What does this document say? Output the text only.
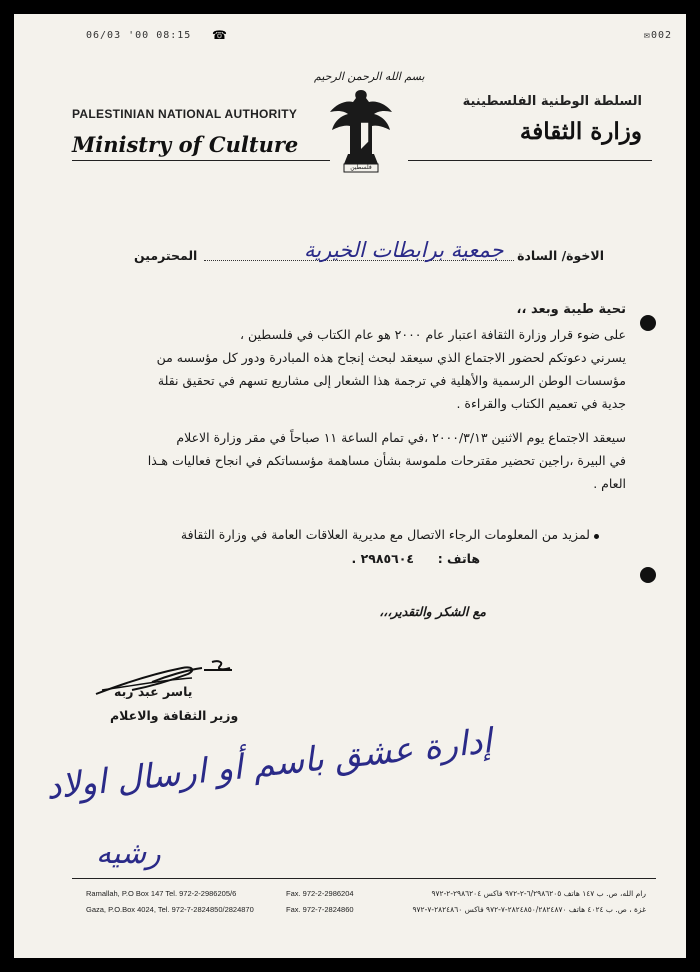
06/03 '00 08:15 ☎	✉002
بسم الله الرحمن الرحيم
PALESTINIAN NATIONAL AUTHORITY
Ministry of Culture
فلسطين
السلطة الوطنية الفلسطينية
وزارة الثقافة
الاخوة/ السادة
جمعية برابطات الخيرية
المحترمين
تحية طيبة وبعد ،،
على ضوء قرار وزارة الثقافة اعتبار عام ٢٠٠٠ هو عام الكتاب في فلسطين ،
يسرني دعوتكم لحضور الاجتماع الذي سيعقد لبحث إنجاح هذه المبادرة ودور كل مؤسسه من
مؤسسات الوطن الرسمية والأهلية في ترجمة هذا الشعار إلى مشاريع تسهم في تحقيق نقلة
جدية في تعميم الكتاب والقراءة .
سيعقد الاجتماع يوم الاثنين ٢٠٠٠/٣/١٣ ،في تمام الساعة ١١ صباحاً في مقر وزارة الاعلام
في البيرة ،راجين تحضير مقترحات ملموسة بشأن مساهمة مؤسساتكم في انجاح فعاليات هـذا
العام .
لمزيد من المعلومات الرجاء الاتصال مع مديرية العلاقات العامة في وزارة الثقافة
هاتف :
٢٩٨٥٦٠٤ .
مع الشكر والتقدير،،،
ياسر عبد ربه
وزير الثقافة والاعلام
إدارة عشق باسم أو ارسال اولاد
رشيه
Ramallah, P.O Box 147 Tel. 972-2-2986205/6	Fax. 972-2-2986204
Gaza, P.O.Box 4024, Tel. 972-7-2824850/2824870	Fax. 972-7-2824860
رام الله، ص. ب ١٤٧ هاتف ٦/٢٩٨٦٢٠٥-٢-٩٧٢ فاكس ٢٩٨٦٢٠٤-٢-٩٧٢
غزة ، ص. ب ٤٠٢٤ هاتف ٢٨٢٤٨٥٠/٢٨٢٤٨٧٠-٧-٩٧٢ فاكس ٢٨٢٤٨٦٠-٧-٩٧٢
